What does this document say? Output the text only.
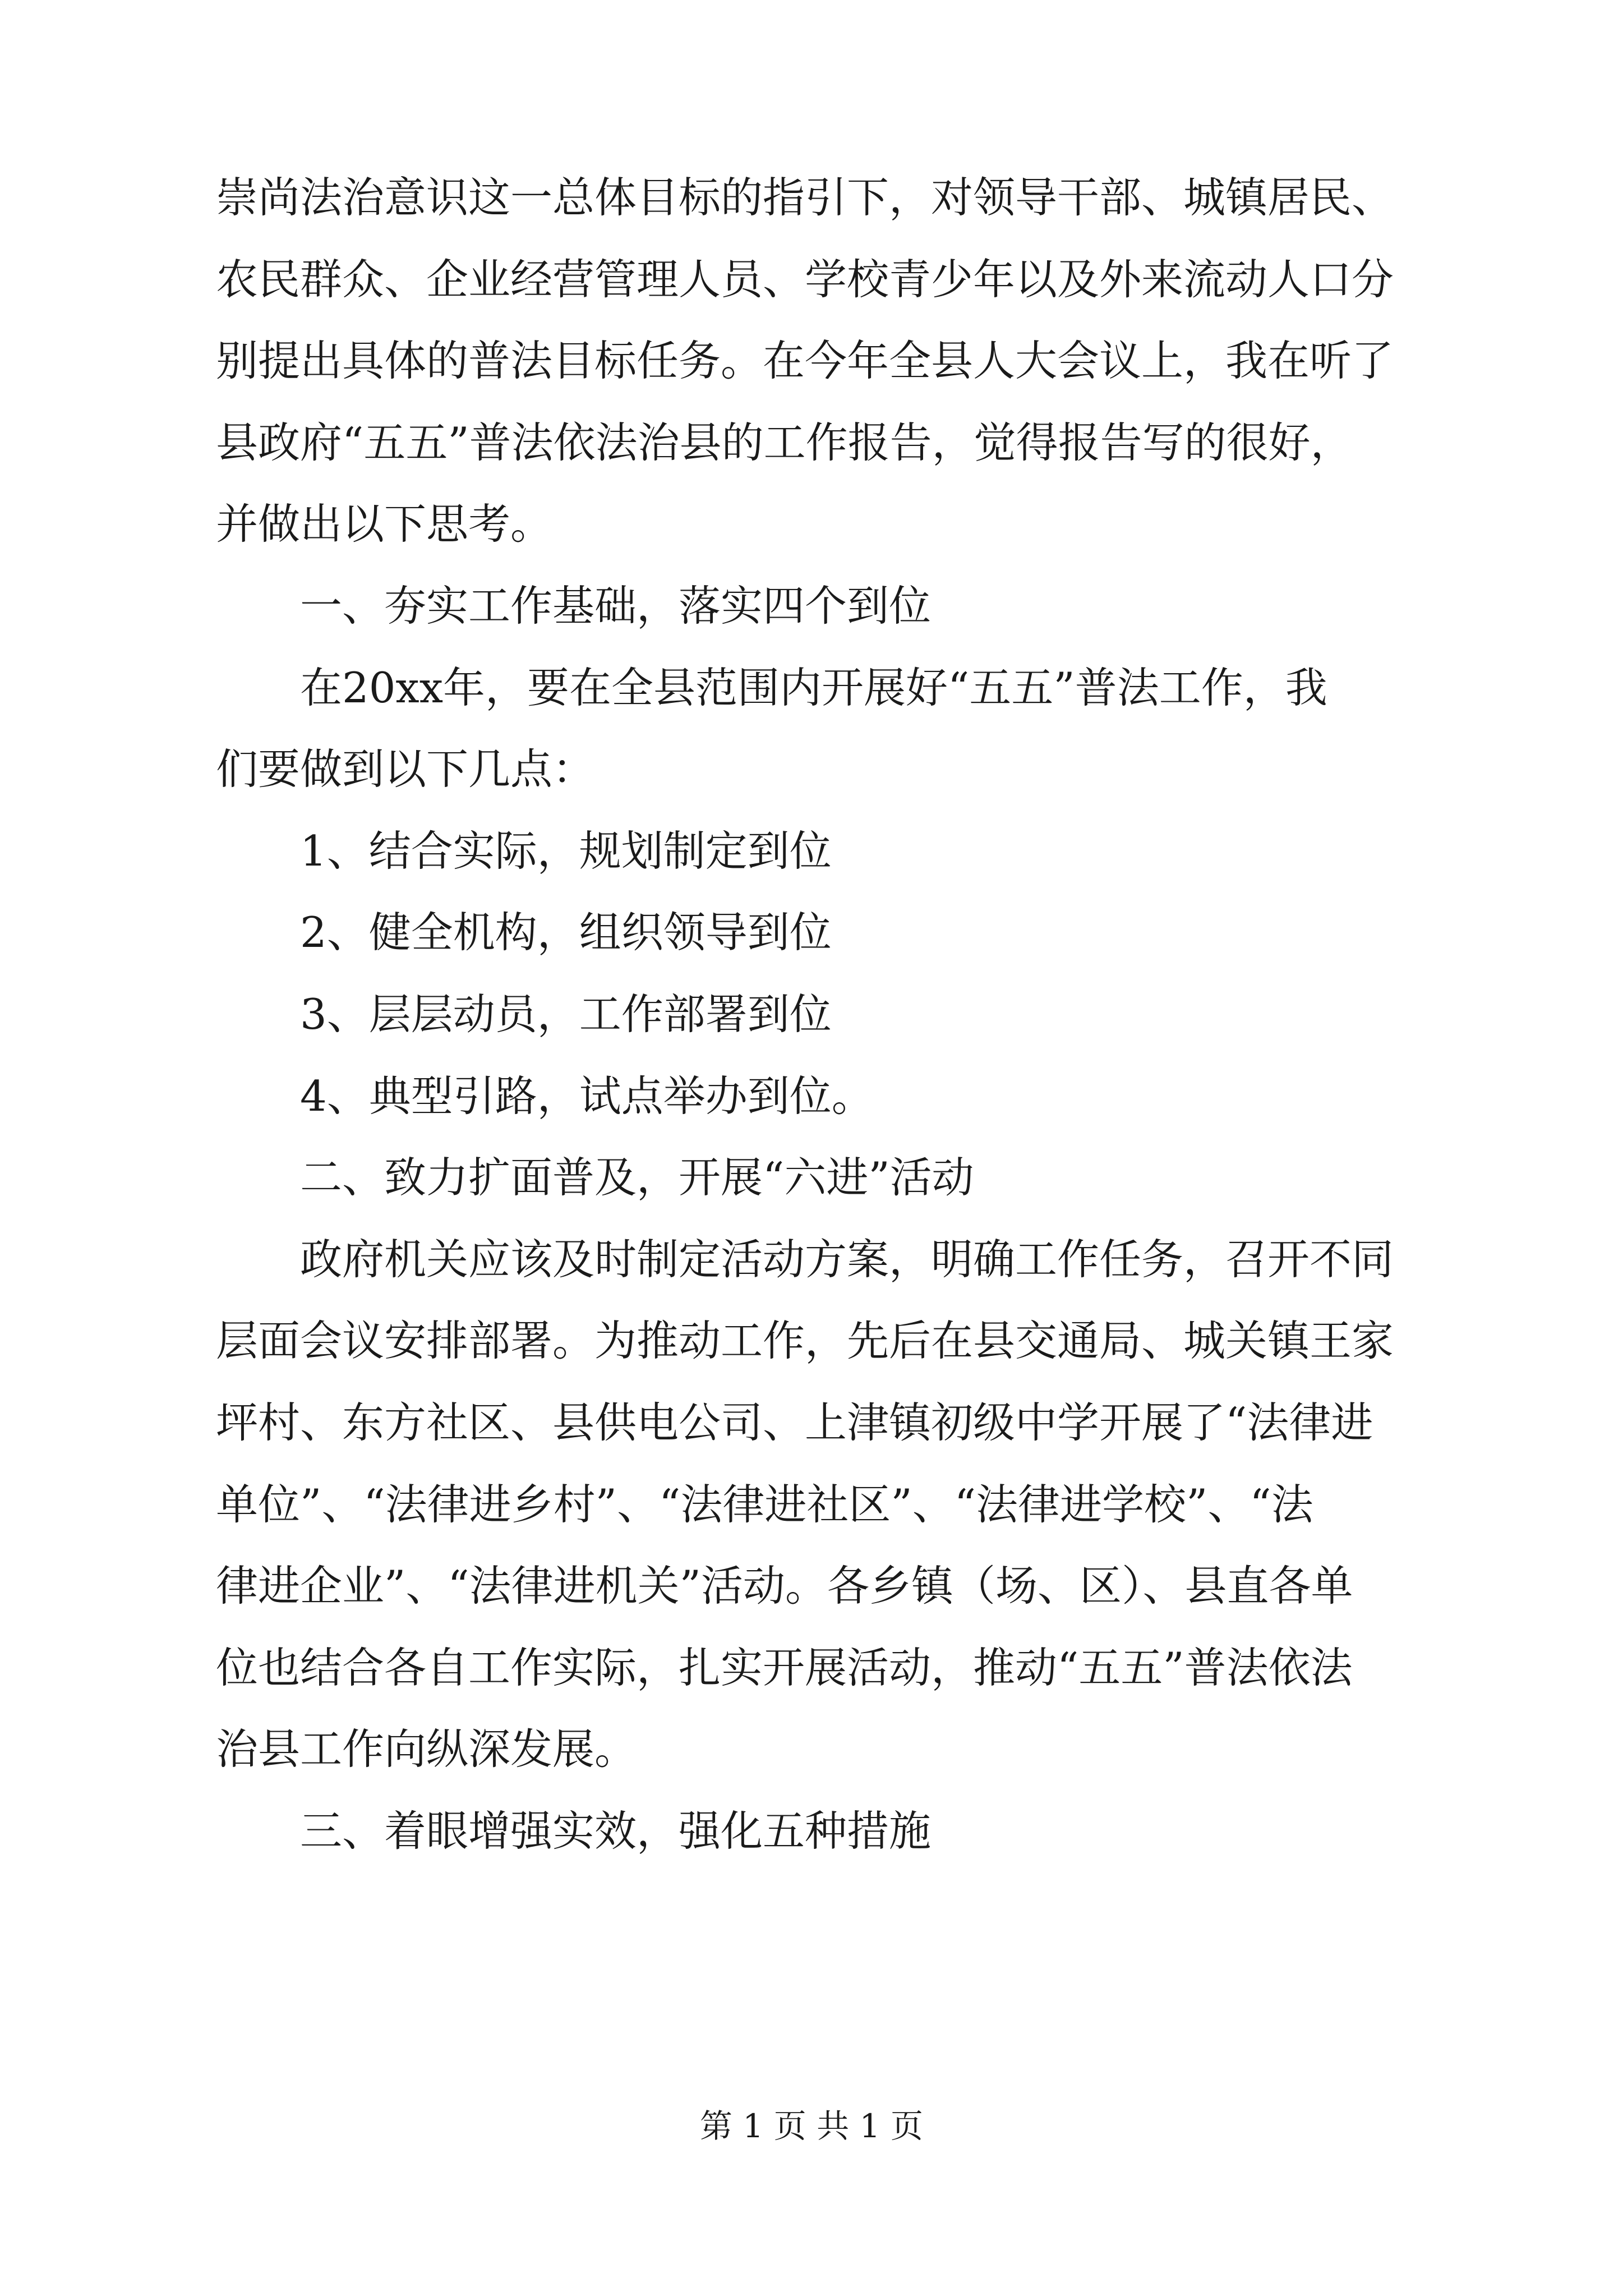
崇尚法治意识这一总体目标的指引下，对领导干部、城镇居民、
农民群众、企业经营管理人员、学校青少年以及外来流动人口分
别提出具体的普法目标任务。在今年全县人大会议上，我在听了
县政府“五五”普法依法治县的工作报告，觉得报告写的很好，
并做出以下思考。
一、夯实工作基础，落实四个到位
在20xx年，要在全县范围内开展好“五五”普法工作，我
们要做到以下几点：
1、结合实际，规划制定到位
2、健全机构，组织领导到位
3、层层动员，工作部署到位
4、典型引路，试点举办到位。
二、致力扩面普及，开展“六进”活动
政府机关应该及时制定活动方案，明确工作任务，召开不同
层面会议安排部署。为推动工作，先后在县交通局、城关镇王家
坪村、东方社区、县供电公司、上津镇初级中学开展了“法律进
单位”、“法律进乡村”、“法律进社区”、“法律进学校”、“法
律进企业”、“法律进机关”活动。各乡镇（场、区）、县直各单
位也结合各自工作实际，扎实开展活动，推动“五五”普法依法
治县工作向纵深发展。
三、着眼增强实效，强化五种措施
第 1 页 共 1 页
